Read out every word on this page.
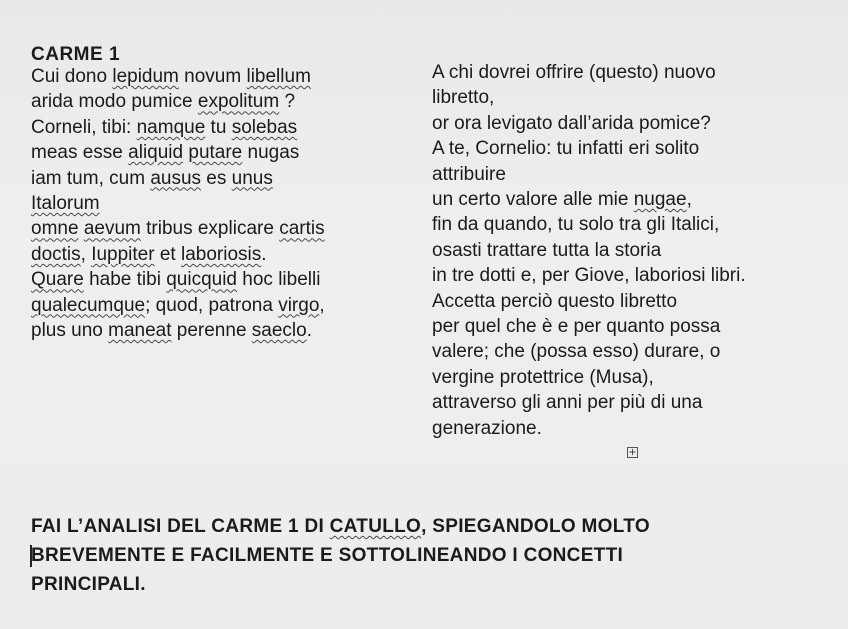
CARME 1
Cui dono lepidum novum libellum
arida modo pumice expolitum ?
Corneli, tibi: namque tu solebas
meas esse aliquid putare nugas
iam tum, cum ausus es unus
Italorum
omne aevum tribus explicare cartis
doctis, Iuppiter et laboriosis.
Quare habe tibi quicquid hoc libelli
qualecumque; quod, patrona virgo,
plus uno maneat perenne saeclo.
A chi dovrei offrire (questo) nuovo
libretto,
or ora levigato dall’arida pomice?
A te, Cornelio: tu infatti eri solito
attribuire
un certo valore alle mie nugae,
fin da quando, tu solo tra gli Italici,
osasti trattare tutta la storia
in tre dotti e, per Giove, laboriosi libri.
Accetta perciò questo libretto
per quel che è e per quanto possa
valere; che (possa esso) durare, o
vergine protettrice (Musa),
attraverso gli anni per più di una
generazione.
+
FAI L’ANALISI DEL CARME 1 DI CATULLO, SPIEGANDOLO MOLTO
BREVEMENTE E FACILMENTE E SOTTOLINEANDO I CONCETTI
PRINCIPALI.
